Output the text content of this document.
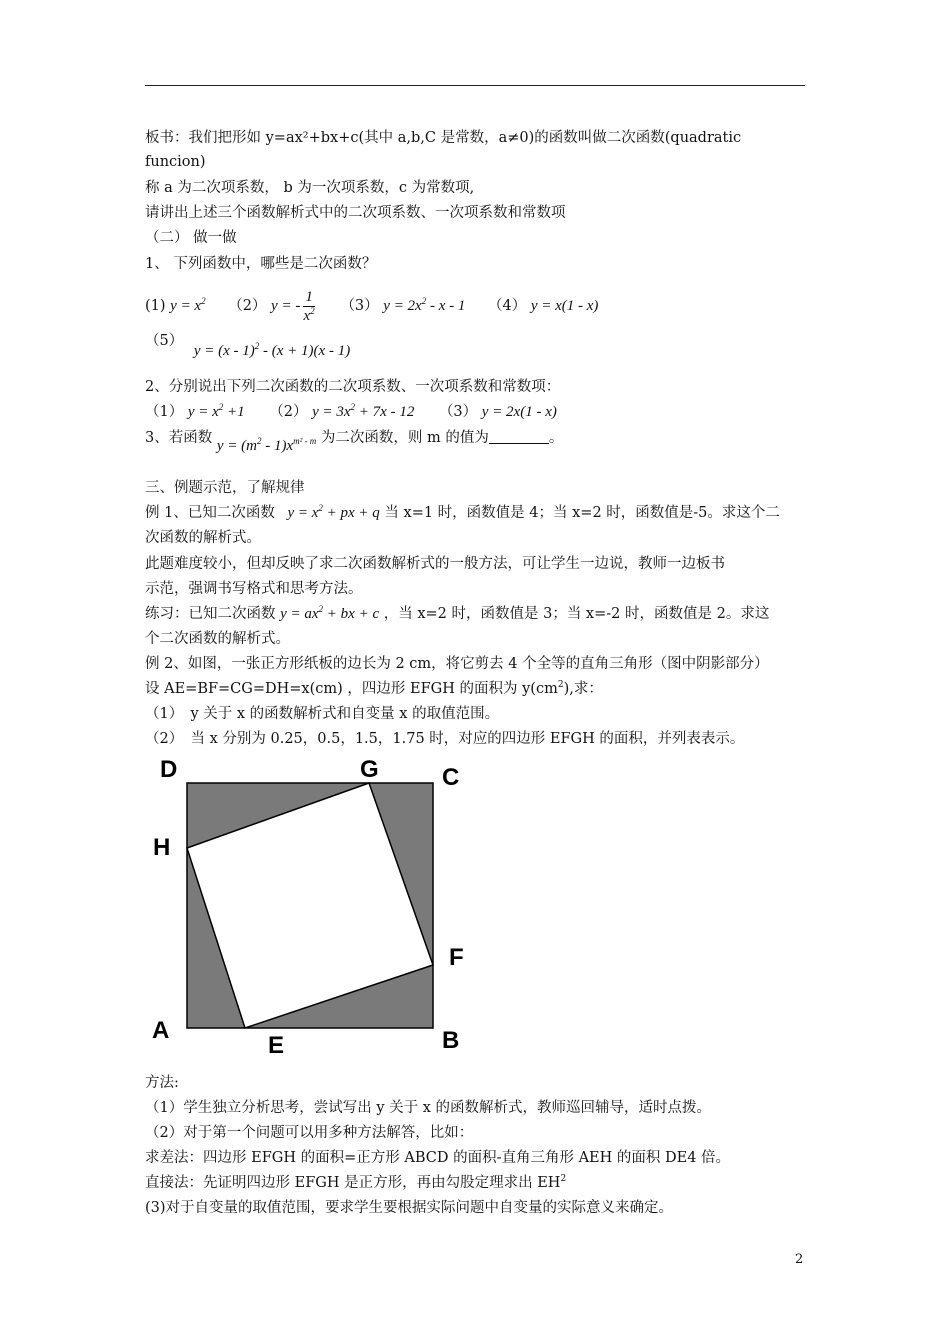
板书：我们把形如 y=ax²+bx+c(其中 a,b,C 是常数，a≠0)的函数叫做二次函数(quadratic
funcion)
称 a 为二次项系数， b 为一次项系数，c 为常数项,
请讲出上述三个函数解析式中的二次项系数、一次项系数和常数项
（二） 做一做
1、 下列函数中，哪些是二次函数？
(1) $y = x^2$ （2） y = - $\frac{1}{x^2} (3) y = 2x^2 - x - 1$ （4） y = x(1 - x)
（5） y = (x - 1)$^2$ - (x + 1)(x - 1)
2、分别说出下列二次函数的二次项系数、一次项系数和常数项：
（1） $y = x^2 +1$ （2） $y = 3x^2 + 7x - 12$ （3） y = 2x(1 - x)
3、若函数 $y = (m^2 - 1)x^{m^2 - m}$ 为二次函数，则 m 的值为	。
三、例题示范，了解规律
例 1、已知二次函数 $y = x^2$ + px + q 当 x=1 时，函数值是 4；当 x=2 时，函数值是-5。求这个二
次函数的解析式。
此题难度较小，但却反映了求二次函数解析式的一般方法，可让学生一边说，教师一边板书
示范，强调书写格式和思考方法。
练习：已知二次函数 $y = ax^2$ + bx + c ，当 x=2 时，函数值是 3；当 x=-2 时，函数值是 2。求这
个二次函数的解析式。
例 2、如图，一张正方形纸板的边长为 2 cm，将它剪去 4 个全等的直角三角形（图中阴影部分）
设 AE=BF=CG=DH=x(cm) ，四边形 EFGH 的面积为 $y(cm^2)$,求：
（1）　y 关于 x 的函数解析式和自变量 x 的取值范围。
（2）　当 x 分别为 0.25，0.5，1.5，1.75 时，对应的四边形 EFGH 的面积，并列表表示。
D	G	C
H
F
A	B
E
方法:
（1）学生独立分析思考，尝试写出 y 关于 x 的函数解析式，教师巡回辅导，适时点拨。
（2）对于第一个问题可以用多种方法解答，比如：
求差法：四边形 EFGH 的面积=正方形 ABCD 的面积-直角三角形 AEH 的面积 DE4 倍。
直接法：先证明四边形 EFGH 是正方形，再由勾股定理求出 $EH^2$
(3)对于自变量的取值范围，要求学生要根据实际问题中自变量的实际意义来确定。
2
